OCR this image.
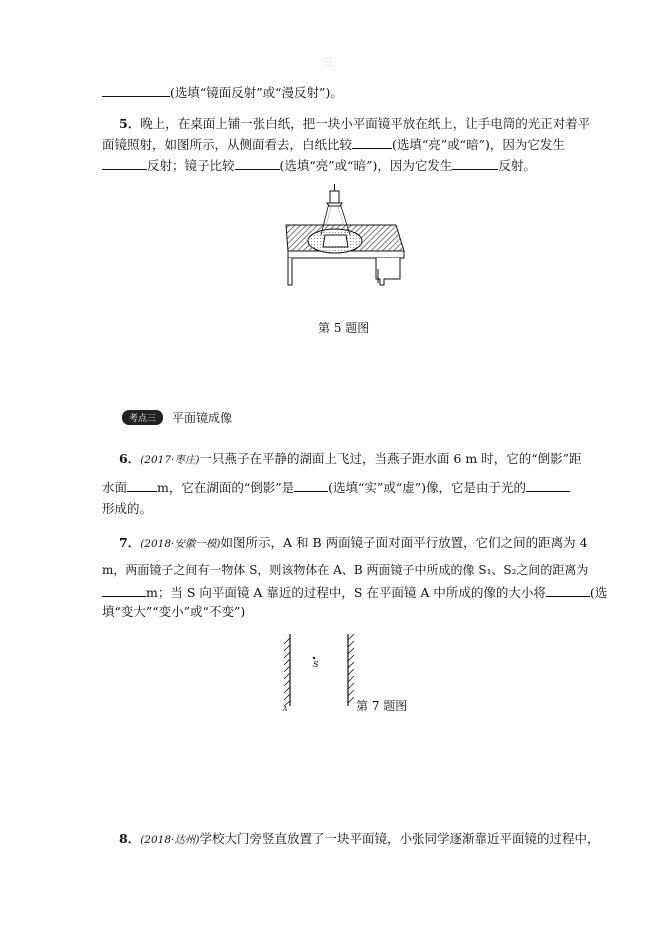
三
(选填“镜面反射”或“漫反射”)。
5．晚上，在桌面上铺一张白纸，把一块小平面镜平放在纸上，让手电筒的光正对着平
面镜照射，如图所示，从侧面看去，白纸比较	(选填“亮”或“暗”)，因为它发生
反射；镜子比较	(选填“亮”或“暗”)，因为它发生	反射。
第 5 题图
考点三	平面镜成像
6．(2017·枣庄)一只燕子在平静的湖面上飞过，当燕子距水面 6 m 时，它的“倒影”距
水面 m，它在湖面的“倒影”是	(选填“实”或“虚”)像，它是由于光的
形成的。
7．(2018·安徽一模)如图所示，A 和 B 两面镜子面对面平行放置，它们之间的距离为 4
m，两面镜子之间有一物体 S，则该物体在 A、B 两面镜子中所成的像 S₁、S₂之间的距离为
m；当 S 向平面镜 A 靠近的过程中，S 在平面镜 A 中所成的像的大小将	(选
填“变大”“变小”或“不变”)
S
A	第 7 题图
8．(2018·达州)学校大门旁竖直放置了一块平面镜，小张同学逐渐靠近平面镜的过程中，
